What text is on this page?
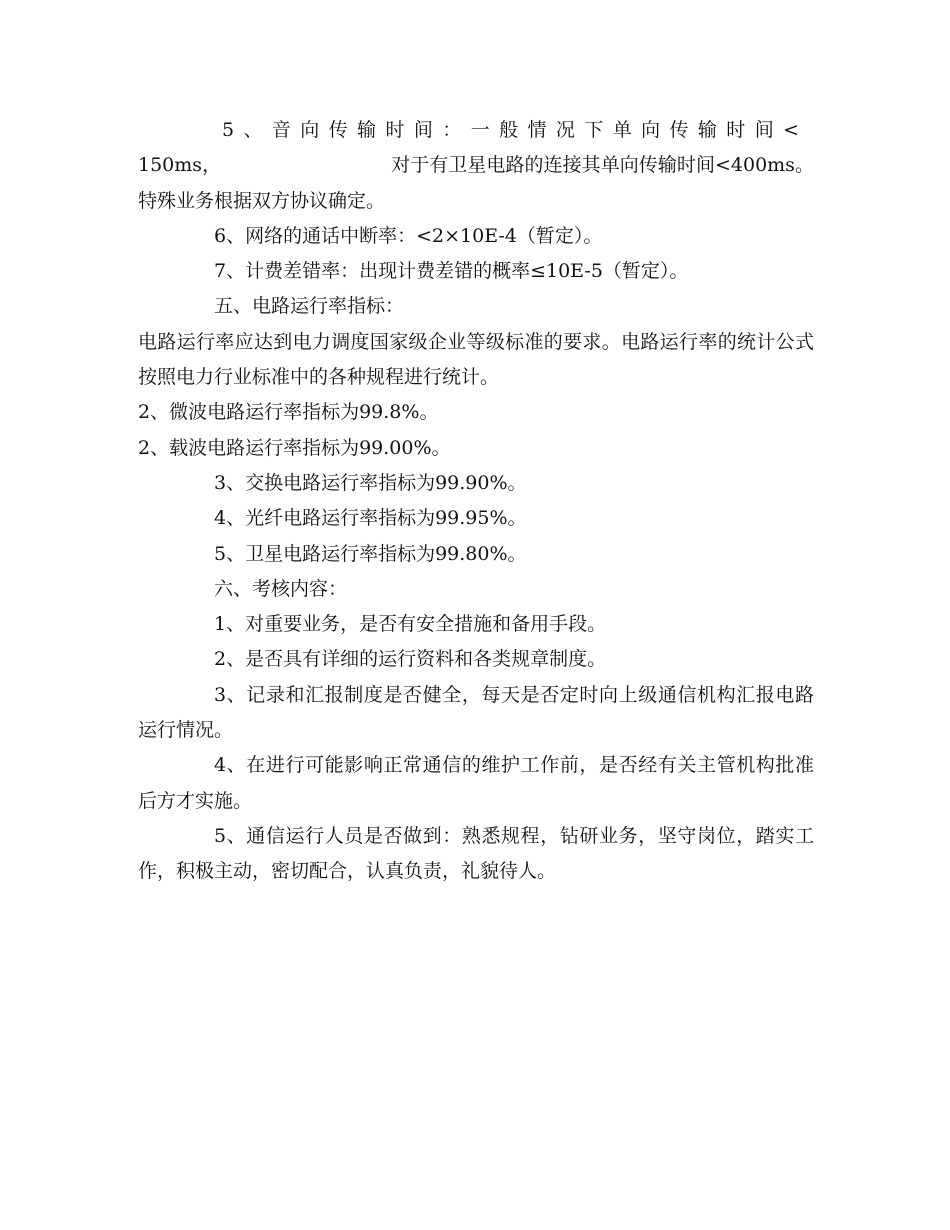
5、音向传输时间：一般情况下单向传输时间<
150ms，	对于有卫星电路的连接其单向传输时间<400ms。特殊业务根据双方协议确定。

6、网络的通话中断率：<2×10E-4（暂定）。

7、计费差错率：出现计费差错的概率≤10E-5（暂定）。

五、电路运行率指标：

电路运行率应达到电力调度国家级企业等级标准的要求。电路运行率的统计公式按照电力行业标准中的各种规程进行统计。

2、微波电路运行率指标为99.8%。

2、载波电路运行率指标为99.00%。

3、交换电路运行率指标为99.90%。

4、光纤电路运行率指标为99.95%。

5、卫星电路运行率指标为99.80%。

六、考核内容：

1、对重要业务，是否有安全措施和备用手段。

2、是否具有详细的运行资料和各类规章制度。

3、记录和汇报制度是否健全，每天是否定时向上级通信机构汇报电路运行情况。

4、在进行可能影响正常通信的维护工作前，是否经有关主管机构批准后方才实施。

5、通信运行人员是否做到：熟悉规程，钻研业务，坚守岗位，踏实工作，积极主动，密切配合，认真负责，礼貌待人。
